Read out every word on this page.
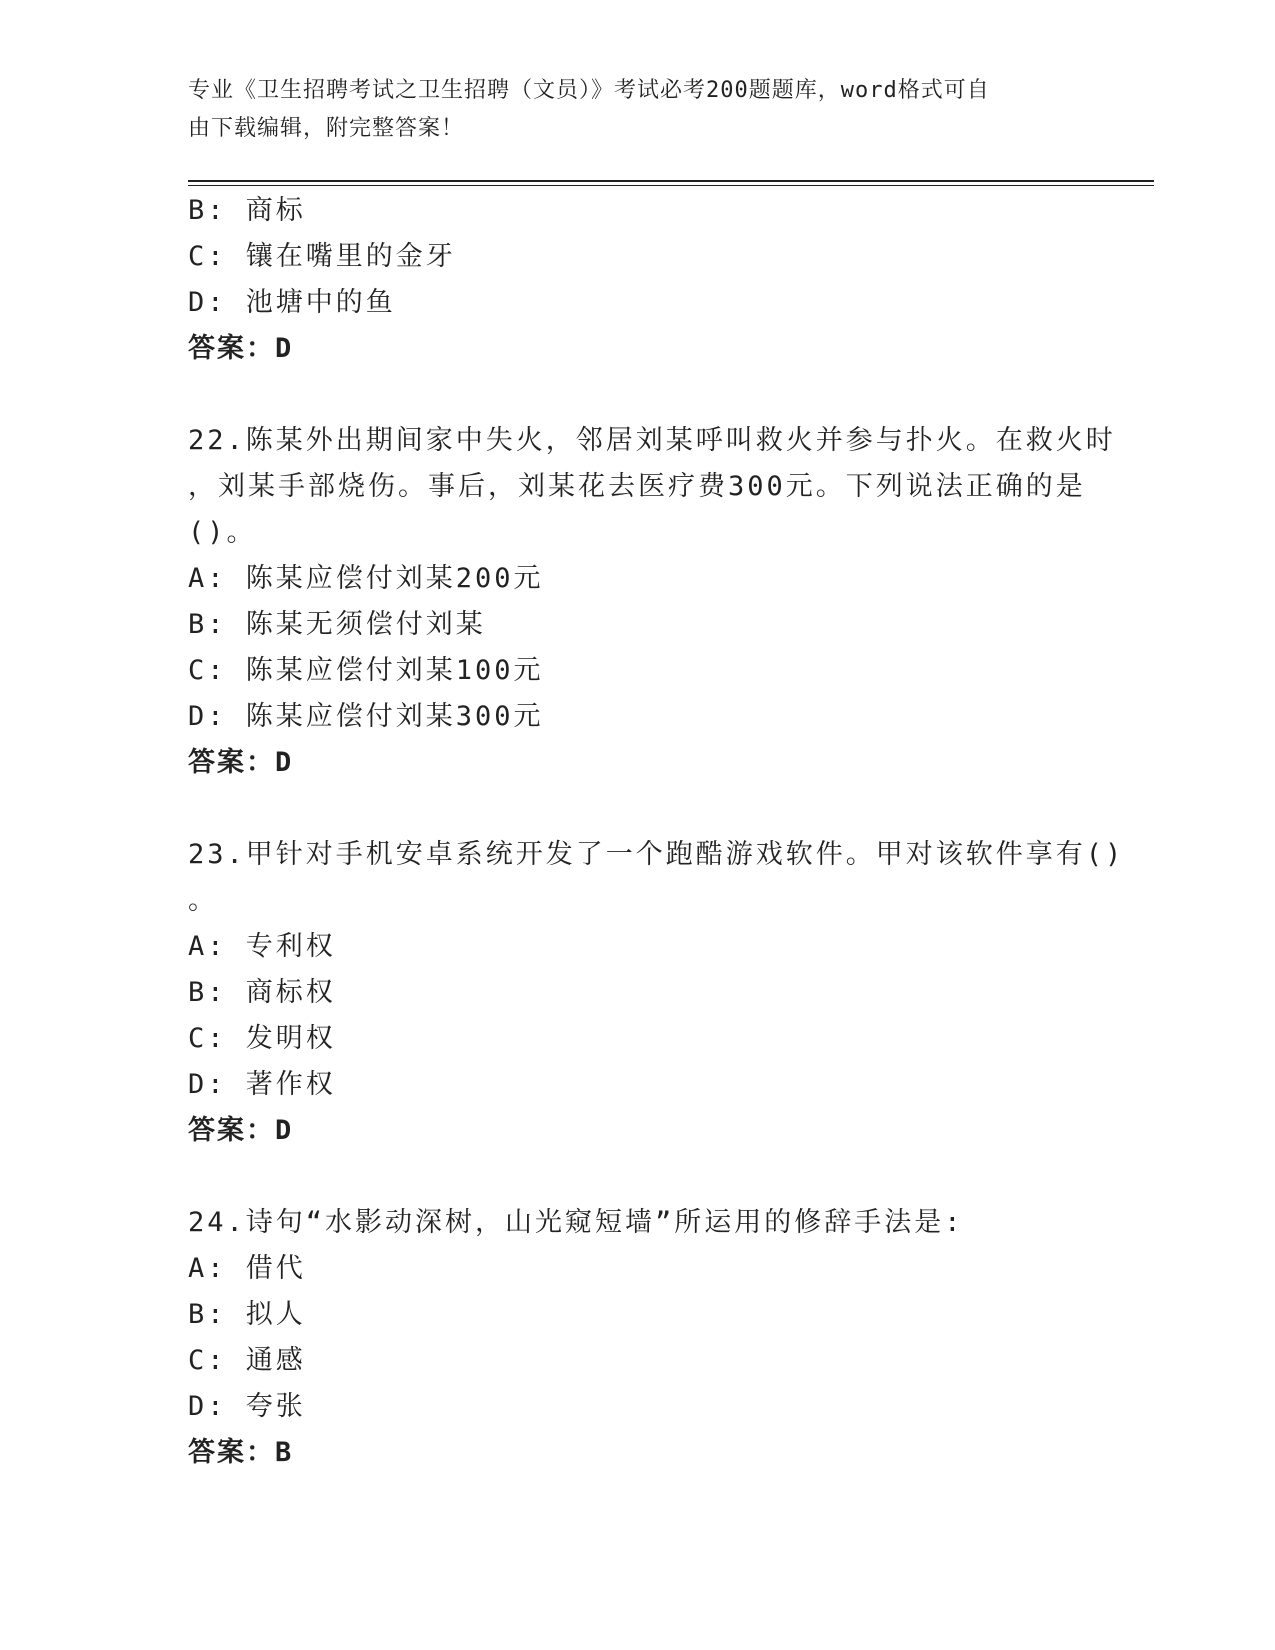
专业《卫生招聘考试之卫生招聘（文员）》考试必考200题题库，word格式可自
由下载编辑，附完整答案！
B: 商标
C: 镶在嘴里的金牙
D: 池塘中的鱼
答案：D
22.陈某外出期间家中失火，邻居刘某呼叫救火并参与扑火。在救火时
，刘某手部烧伤。事后，刘某花去医疗费300元。下列说法正确的是
()。
A: 陈某应偿付刘某200元
B: 陈某无须偿付刘某
C: 陈某应偿付刘某100元
D: 陈某应偿付刘某300元
答案：D
23.甲针对手机安卓系统开发了一个跑酷游戏软件。甲对该软件享有()
。
A: 专利权
B: 商标权
C: 发明权
D: 著作权
答案：D
24.诗句“水影动深树，山光窥短墙”所运用的修辞手法是:
A: 借代
B: 拟人
C: 通感
D: 夸张
答案：B
